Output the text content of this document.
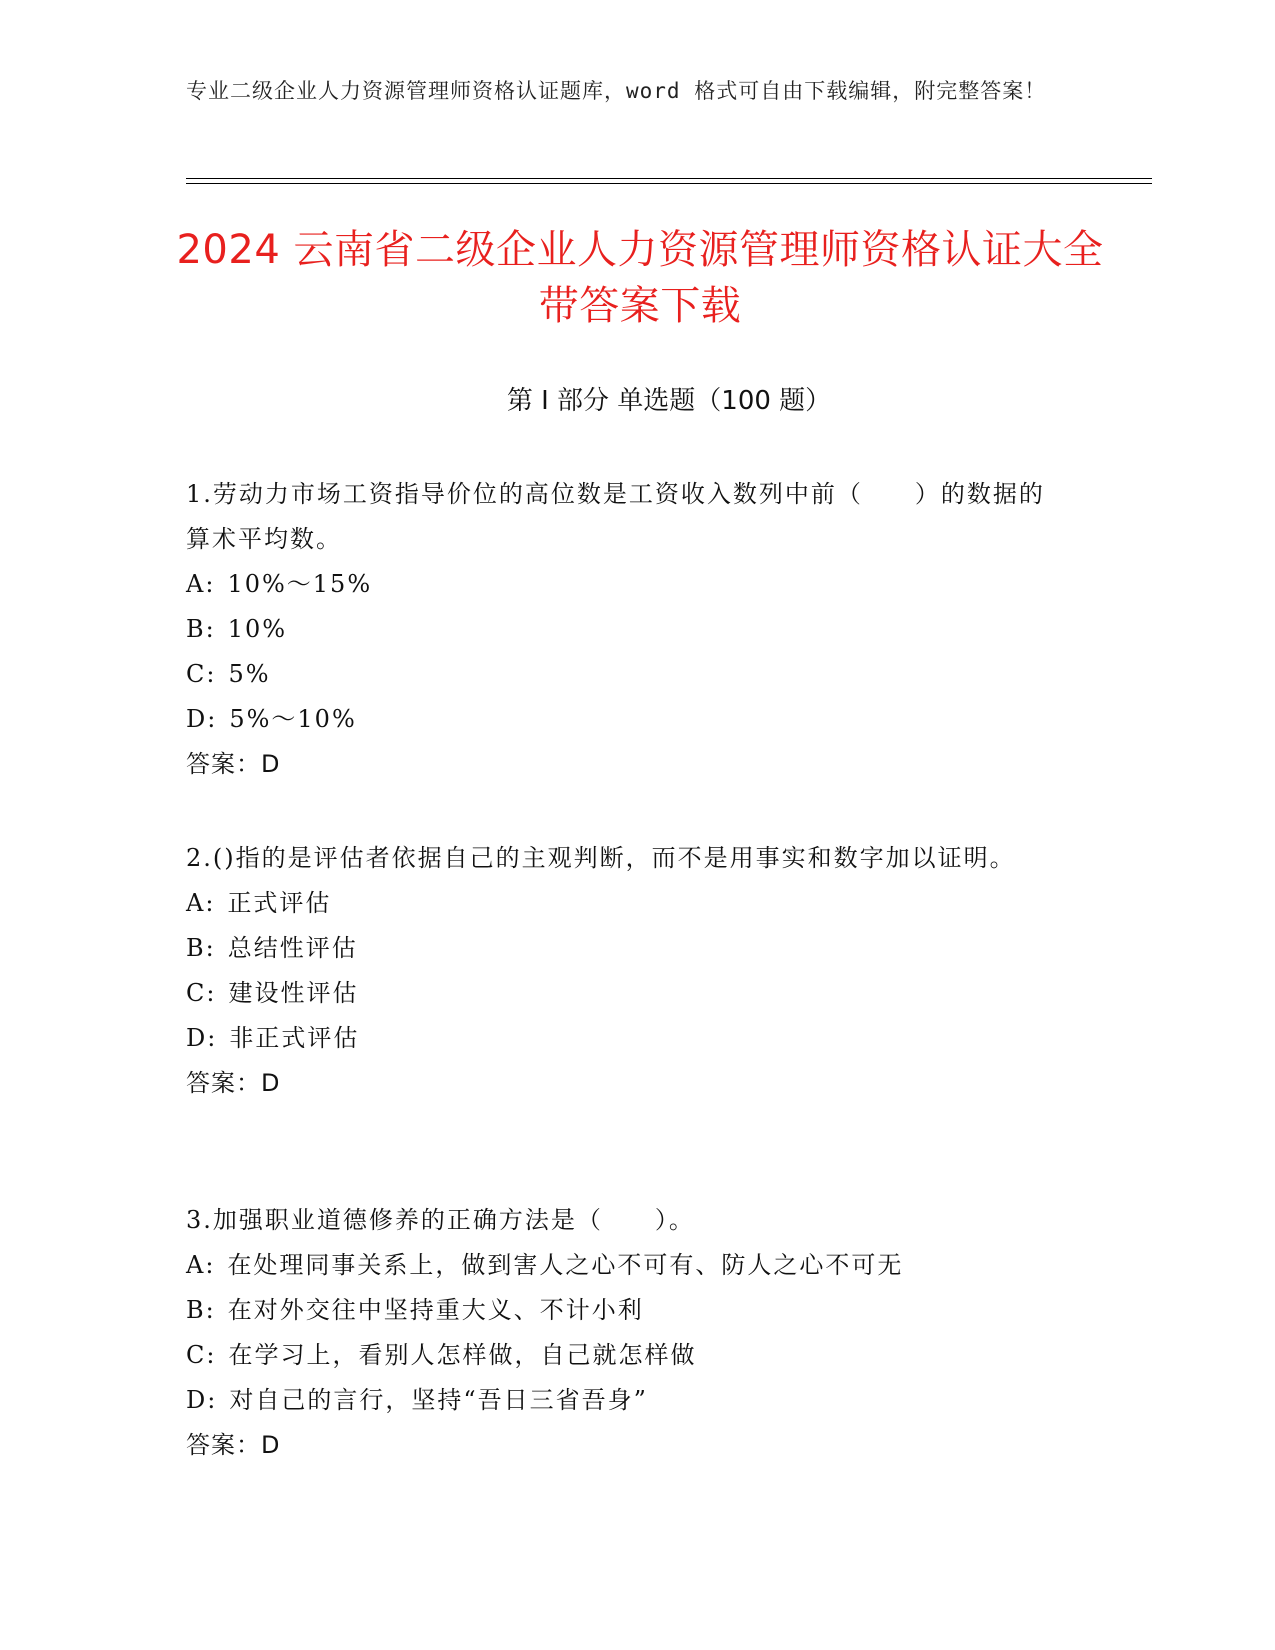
专业二级企业人力资源管理师资格认证题库，word 格式可自由下载编辑，附完整答案！
2024 云南省二级企业人力资源管理师资格认证大全带答案下载
第 I 部分 单选题（100 题）

1.劳动力市场工资指导价位的高位数是工资收入数列中前（　　）的数据的算术平均数。

A: 10%～15%

B: 10%

C: 5%

D: 5%～10%

答案：D

2.()指的是评估者依据自己的主观判断，而不是用事实和数字加以证明。

A: 正式评估

B: 总结性评估

C: 建设性评估

D: 非正式评估

答案：D

3.加强职业道德修养的正确方法是（　　）。

A: 在处理同事关系上，做到害人之心不可有、防人之心不可无

B: 在对外交往中坚持重大义、不计小利

C: 在学习上，看别人怎样做，自己就怎样做

D: 对自己的言行，坚持“吾日三省吾身”

答案：D
